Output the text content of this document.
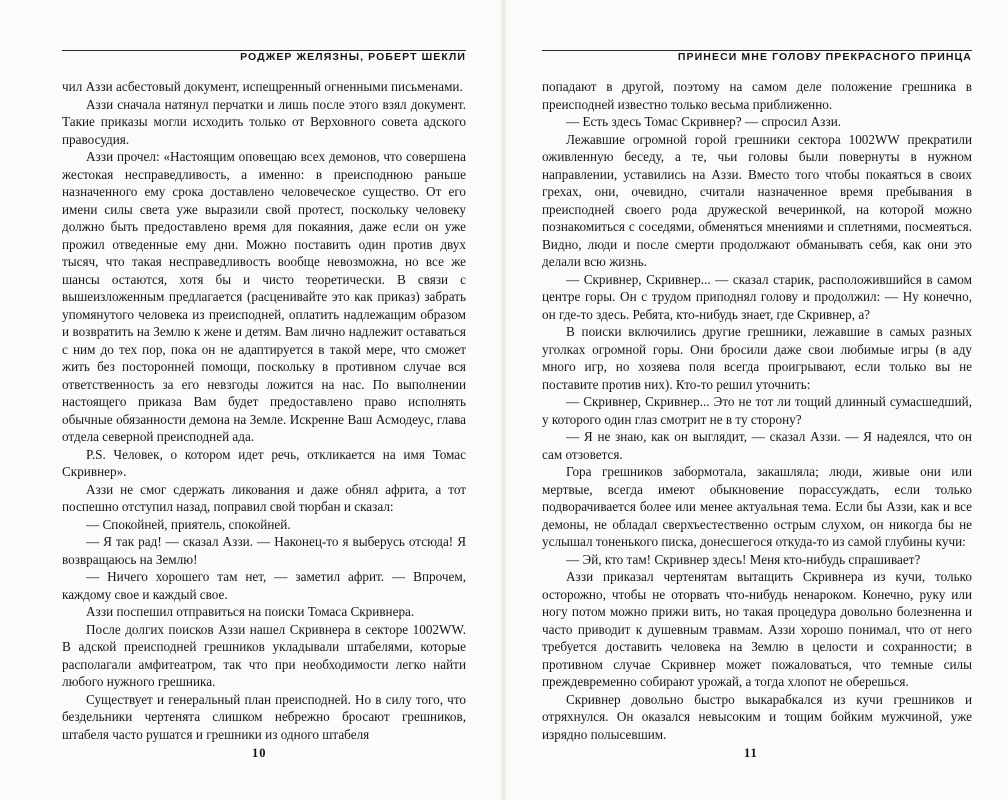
РОДЖЕР ЖЕЛЯЗНЫ, РОБЕРТ ШЕКЛИ

чил Аззи асбестовый документ, испещренный огненными письменами.

Аззи сначала натянул перчатки и лишь после этого взял документ. Такие приказы могли исходить только от Верховного совета адского правосудия.

Аззи прочел: «Настоящим оповещаю всех демонов, что совершена жестокая несправедливость, а именно: в преисподнюю раньше назначенного ему срока доставлено человеческое существо. От его имени силы света уже выразили свой протест, поскольку человеку должно быть предоставлено время для покаяния, даже если он уже прожил отведенные ему дни. Можно поставить один против двух тысяч, что такая несправедливость вообще невозможна, но все же шансы остаются, хотя бы и чисто теоретически. В связи с вышеизложенным предлагается (расценивайте это как приказ) забрать упомянутого человека из преисподней, оплатить надлежащим образом и возвратить на Землю к жене и детям. Вам лично надлежит оставаться с ним до тех пор, пока он не адаптируется в такой мере, что сможет жить без посторонней помощи, поскольку в противном случае вся ответственность за его невзгоды ложится на нас. По выполнении настоящего приказа Вам будет предоставлено право исполнять обычные обязанности демона на Земле. Искренне Ваш Асмодеус, глава отдела северной преисподней ада.

P.S. Человек, о котором идет речь, откликается на имя Томас Скривнер».

Аззи не смог сдержать ликования и даже обнял африта, а тот поспешно отступил назад, поправил свой тюрбан и сказал:

— Спокойней, приятель, спокойней.

— Я так рад! — сказал Аззи. — Наконец-то я выберусь отсюда! Я возвращаюсь на Землю!

— Ничего хорошего там нет, — заметил африт. — Впрочем, каждому свое и каждый свое.

Аззи поспешил отправиться на поиски Томаса Скривнера.

После долгих поисков Аззи нашел Скривнера в секторе 1002WW. В адской преисподней грешников укладывали штабелями, которые располагали амфитеатром, так что при необходимости легко найти любого нужного грешника.

Существует и генеральный план преисподней. Но в силу того, что бездельники чертенята слишком небрежно бросают грешников, штабеля часто рушатся и грешники из одного штабеля

10
ПРИНЕСИ МНЕ ГОЛОВУ ПРЕКРАСНОГО ПРИНЦА

попадают в другой, поэтому на самом деле положение грешника в преисподней известно только весьма приближенно.

— Есть здесь Томас Скривнер? — спросил Аззи.

Лежавшие огромной горой грешники сектора 1002WW прекратили оживленную беседу, а те, чьи головы были повернуты в нужном направлении, уставились на Аззи. Вместо того чтобы покаяться в своих грехах, они, очевидно, считали назначенное время пребывания в преисподней своего рода дружеской вечеринкой, на которой можно познакомиться с соседями, обменяться мнениями и сплетнями, посмеяться. Видно, люди и после смерти продолжают обманывать себя, как они это делали всю жизнь.

— Скривнер, Скривнер... — сказал старик, расположившийся в самом центре горы. Он с трудом приподнял голову и продолжил: — Ну конечно, он где-то здесь. Ребята, кто-нибудь знает, где Скривнер, а?

В поиски включились другие грешники, лежавшие в самых разных уголках огромной горы. Они бросили даже свои любимые игры (в аду много игр, но хозяева поля всегда проигрывают, если только вы не поставите против них). Кто-то решил уточнить:

— Скривнер, Скривнер... Это не тот ли тощий длинный сумасшедший, у которого один глаз смотрит не в ту сторону?

— Я не знаю, как он выглядит, — сказал Аззи. — Я надеялся, что он сам отзовется.

Гора грешников забормотала, закашляла; люди, живые они или мертвые, всегда имеют обыкновение порассуждать, если только подворачивается более или менее актуальная тема. Если бы Аззи, как и все демоны, не обладал сверхъестественно острым слухом, он никогда бы не услышал тоненького писка, донесшегося откуда-то из самой глубины кучи:

— Эй, кто там! Скривнер здесь! Меня кто-нибудь спрашивает?

Аззи приказал чертенятам вытащить Скривнера из кучи, только осторожно, чтобы не оторвать что-нибудь ненароком. Конечно, руку или ногу потом можно прижи вить, но такая процедура довольно болезненна и часто приводит к душевным травмам. Аззи хорошо понимал, что от него требуется доставить человека на Землю в целости и сохранности; в противном случае Скривнер может пожаловаться, что темные силы преждевременно собирают урожай, а тогда хлопот не оберешься.

Скривнер довольно быстро выкарабкался из кучи грешников и отряхнулся. Он оказался невысоким и тощим бойким мужчиной, уже изрядно полысевшим.

11
